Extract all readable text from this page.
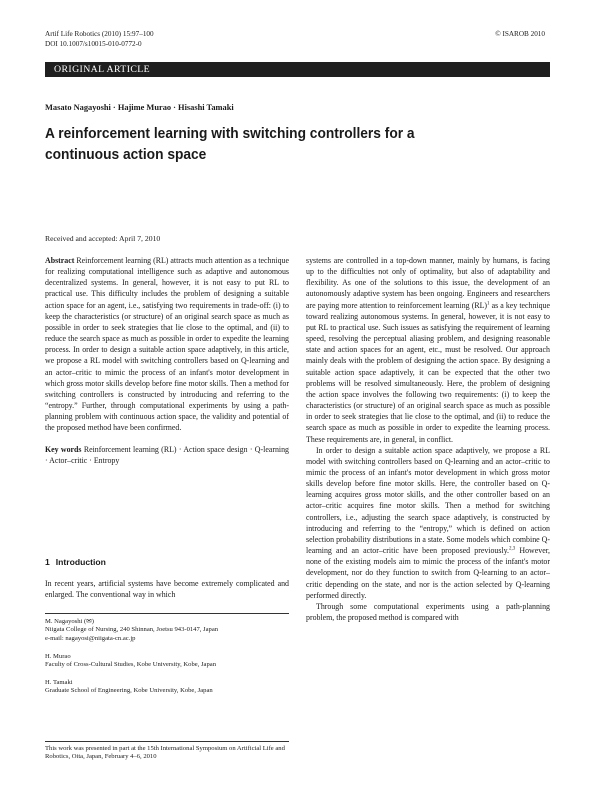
Artif Life Robotics (2010) 15:97–100
DOI 10.1007/s10015-010-0772-0
© ISAROB 2010
ORIGINAL ARTICLE
Masato Nagayoshi · Hajime Murao · Hisashi Tamaki
A reinforcement learning with switching controllers for a continuous action space
Received and accepted: April 7, 2010

Abstract Reinforcement learning (RL) attracts much attention as a technique for realizing computational intelligence such as adaptive and autonomous decentralized systems. In general, however, it is not easy to put RL to practical use. This difficulty includes the problem of designing a suitable action space for an agent, i.e., satisfying two requirements in trade-off: (i) to keep the characteristics (or structure) of an original search space as much as possible in order to seek strategies that lie close to the optimal, and (ii) to reduce the search space as much as possible in order to expedite the learning process. In order to design a suitable action space adaptively, in this article, we propose a RL model with switching controllers based on Q-learning and an actor–critic to mimic the process of an infant's motor development in which gross motor skills develop before fine motor skills. Then a method for switching controllers is constructed by introducing and referring to the “entropy.” Further, through computational experiments by using a path-planning problem with continuous action space, the validity and potential of the proposed method have been confirmed.

Key words Reinforcement learning (RL) · Action space design · Q-learning · Actor–critic · Entropy

1 Introduction

In recent years, artificial systems have become extremely complicated and enlarged. The conventional way in which

M. Nagayoshi (✉)
Niigata College of Nursing, 240 Shinnan, Joetsu 943-0147, Japan
e-mail: nagayosi@niigata-cn.ac.jp
H. Murao
Faculty of Cross-Cultural Studies, Kobe University, Kobe, Japan
H. Tamaki
Graduate School of Engineering, Kobe University, Kobe, Japan
This work was presented in part at the 15th International Symposium on Artificial Life and Robotics, Oita, Japan, February 4–6, 2010

systems are controlled in a top-down manner, mainly by humans, is facing up to the difficulties not only of optimality, but also of adaptability and flexibility. As one of the solutions to this issue, the development of an autonomously adaptive system has been ongoing. Engineers and researchers are paying more attention to reinforcement learning (RL)$^1$ as a key technique toward realizing autonomous systems. In general, however, it is not easy to put RL to practical use. Such issues as satisfying the requirement of learning speed, resolving the perceptual aliasing problem, and designing reasonable state and action spaces for an agent, etc., must be resolved. Our approach mainly deals with the problem of designing the action space. By designing a suitable action space adaptively, it can be expected that the other two problems will be resolved simultaneously. Here, the problem of designing the action space involves the following two requirements: (i) to keep the characteristics (or structure) of an original search space as much as possible in order to seek strategies that lie close to the optimal, and (ii) to reduce the search space as much as possible in order to expedite the learning process. These requirements are, in general, in conflict.

In order to design a suitable action space adaptively, we propose a RL model with switching controllers based on Q-learning and an actor–critic to mimic the process of an infant's motor development in which gross motor skills develop before fine motor skills. Here, the controller based on Q-learning acquires gross motor skills, and the other controller based on an actor–critic acquires fine motor skills. Then a method for switching controllers, i.e., adjusting the search space adaptively, is constructed by introducing and referring to the “entropy,” which is defined on action selection probability distributions in a state. Some models which combine Q-learning and an actor–critic have been proposed previously.$^{2,3}$ However, none of the existing models aim to mimic the process of the infant's motor development, nor do they function to switch from Q-learning to an actor–critic depending on the state, and nor is the action selected by Q-learning performed directly.

Through some computational experiments using a path-planning problem, the proposed method is compared with
